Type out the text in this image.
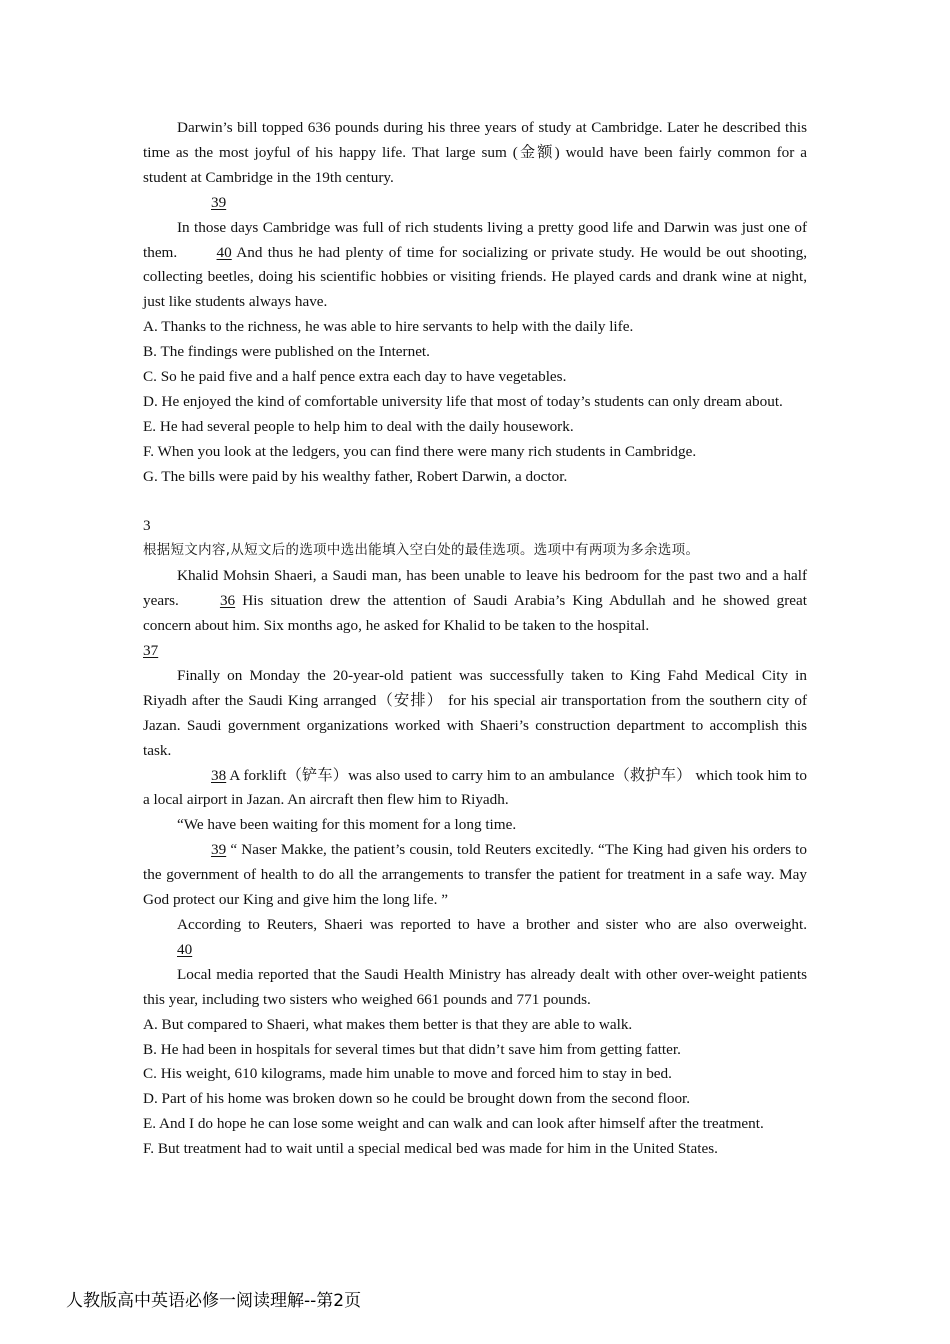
Darwin’s bill topped 636 pounds during his three years of study at Cambridge. Later he described this time as the most joyful of his happy life. That large sum (金额) would have been fairly common for a student at Cambridge in the 19th century.

39

In those days Cambridge was full of rich students living a pretty good life and Darwin was just one of them.	40 And thus he had plenty of time for socializing or private study. He would be out shooting, collecting beetles, doing his scientific hobbies or visiting friends. He played cards and drank wine at night, just like students always have.

A. Thanks to the richness, he was able to hire servants to help with the daily life.

B. The findings were published on the Internet.

C. So he paid five and a half pence extra each day to have vegetables.

D. He enjoyed the kind of comfortable university life that most of today’s students can only dream about.

E. He had several people to help him to deal with the daily housework.

F. When you look at the ledgers, you can find there were many rich students in Cambridge.

G. The bills were paid by his wealthy father, Robert Darwin, a doctor.

3

根据短文内容,从短文后的选项中选出能填入空白处的最佳选项。选项中有两项为多余选项。

Khalid Mohsin Shaeri, a Saudi man, has been unable to leave his bedroom for the past two and a half years.	36 His situation drew the attention of Saudi Arabia’s King Abdullah and he showed great concern about him. Six months ago, he asked for Khalid to be taken to the hospital.

37

Finally on Monday the 20-year-old patient was successfully taken to King Fahd Medical City in Riyadh after the Saudi King arranged（安排） for his special air transportation from the southern city of Jazan. Saudi government organizations worked with Shaeri’s construction department to accomplish this task.

38 A forklift（铲车）was also used to carry him to an ambulance（救护车） which took him to a local airport in Jazan. An aircraft then flew him to Riyadh.

“We have been waiting for this moment for a long time.

39 “ Naser Makke, the patient’s cousin, told Reuters excitedly. “The King had given his orders to the government of health to do all the arrangements to transfer the patient for treatment in a safe way. May God protect our King and give him the long life. ”

According to Reuters, Shaeri was reported to have a brother and sister who are also overweight. 40

Local media reported that the Saudi Health Ministry has already dealt with other over-weight patients this year, including two sisters who weighed 661 pounds and 771 pounds.

A. But compared to Shaeri, what makes them better is that they are able to walk.

B. He had been in hospitals for several times but that didn’t save him from getting fatter.

C. His weight, 610 kilograms, made him unable to move and forced him to stay in bed.

D. Part of his home was broken down so he could be brought down from the second floor.

E. And I do hope he can lose some weight and can walk and can look after himself after the treatment.

F. But treatment had to wait until a special medical bed was made for him in the United States.

人教版高中英语必修一阅读理解--第2页
